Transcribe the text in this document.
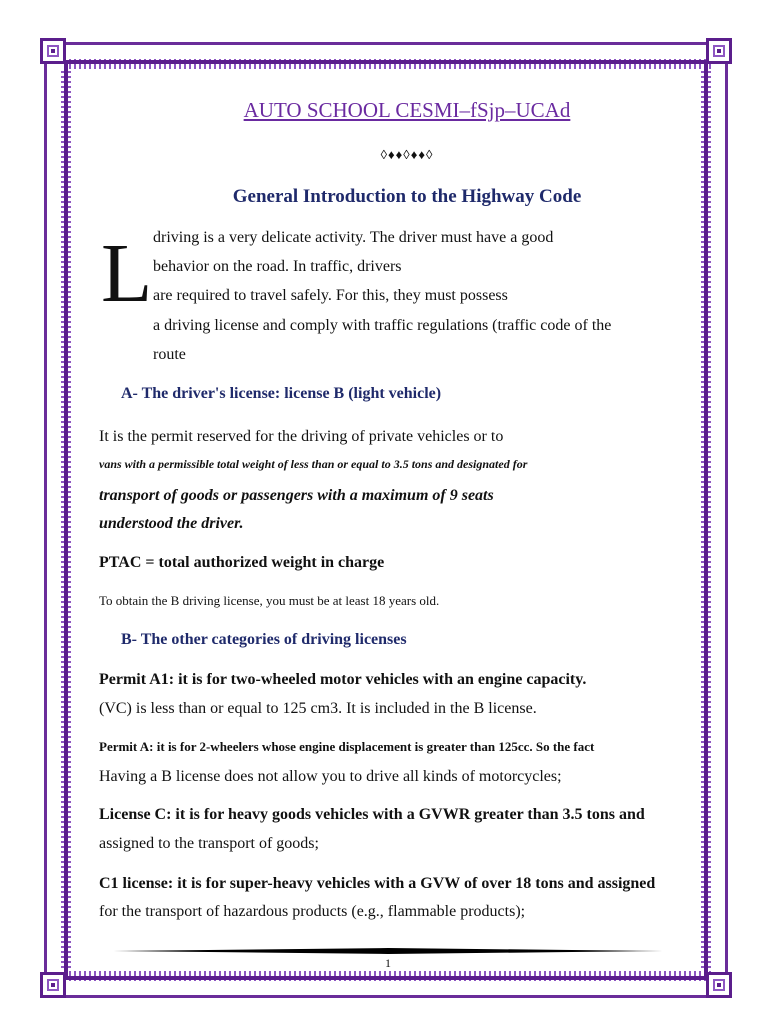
AUTO SCHOOL CESMI–fSjp–UCAd
◊♦♦◊♦♦◊
General Introduction to the Highway Code
L driving is a very delicate activity. The driver must have a good
behavior on the road. In traffic, drivers
are required to travel safely. For this, they must possess
a driving license and comply with traffic regulations (traffic code of the
route
A- The driver's license: license B (light vehicle)
It is the permit reserved for the driving of private vehicles or to
vans with a permissible total weight of less than or equal to 3.5 tons and designated for
transport of goods or passengers with a maximum of 9 seats
understood the driver.
PTAC = total authorized weight in charge
To obtain the B driving license, you must be at least 18 years old.
B- The other categories of driving licenses
Permit A1: it is for two-wheeled motor vehicles with an engine capacity.
(VC) is less than or equal to 125 cm3. It is included in the B license.
Permit A: it is for 2-wheelers whose engine displacement is greater than 125cc. So the fact
Having a B license does not allow you to drive all kinds of motorcycles;
License C: it is for heavy goods vehicles with a GVWR greater than 3.5 tons and
assigned to the transport of goods;
C1 license: it is for super-heavy vehicles with a GVW of over 18 tons and assigned
for the transport of hazardous products (e.g., flammable products);
1
